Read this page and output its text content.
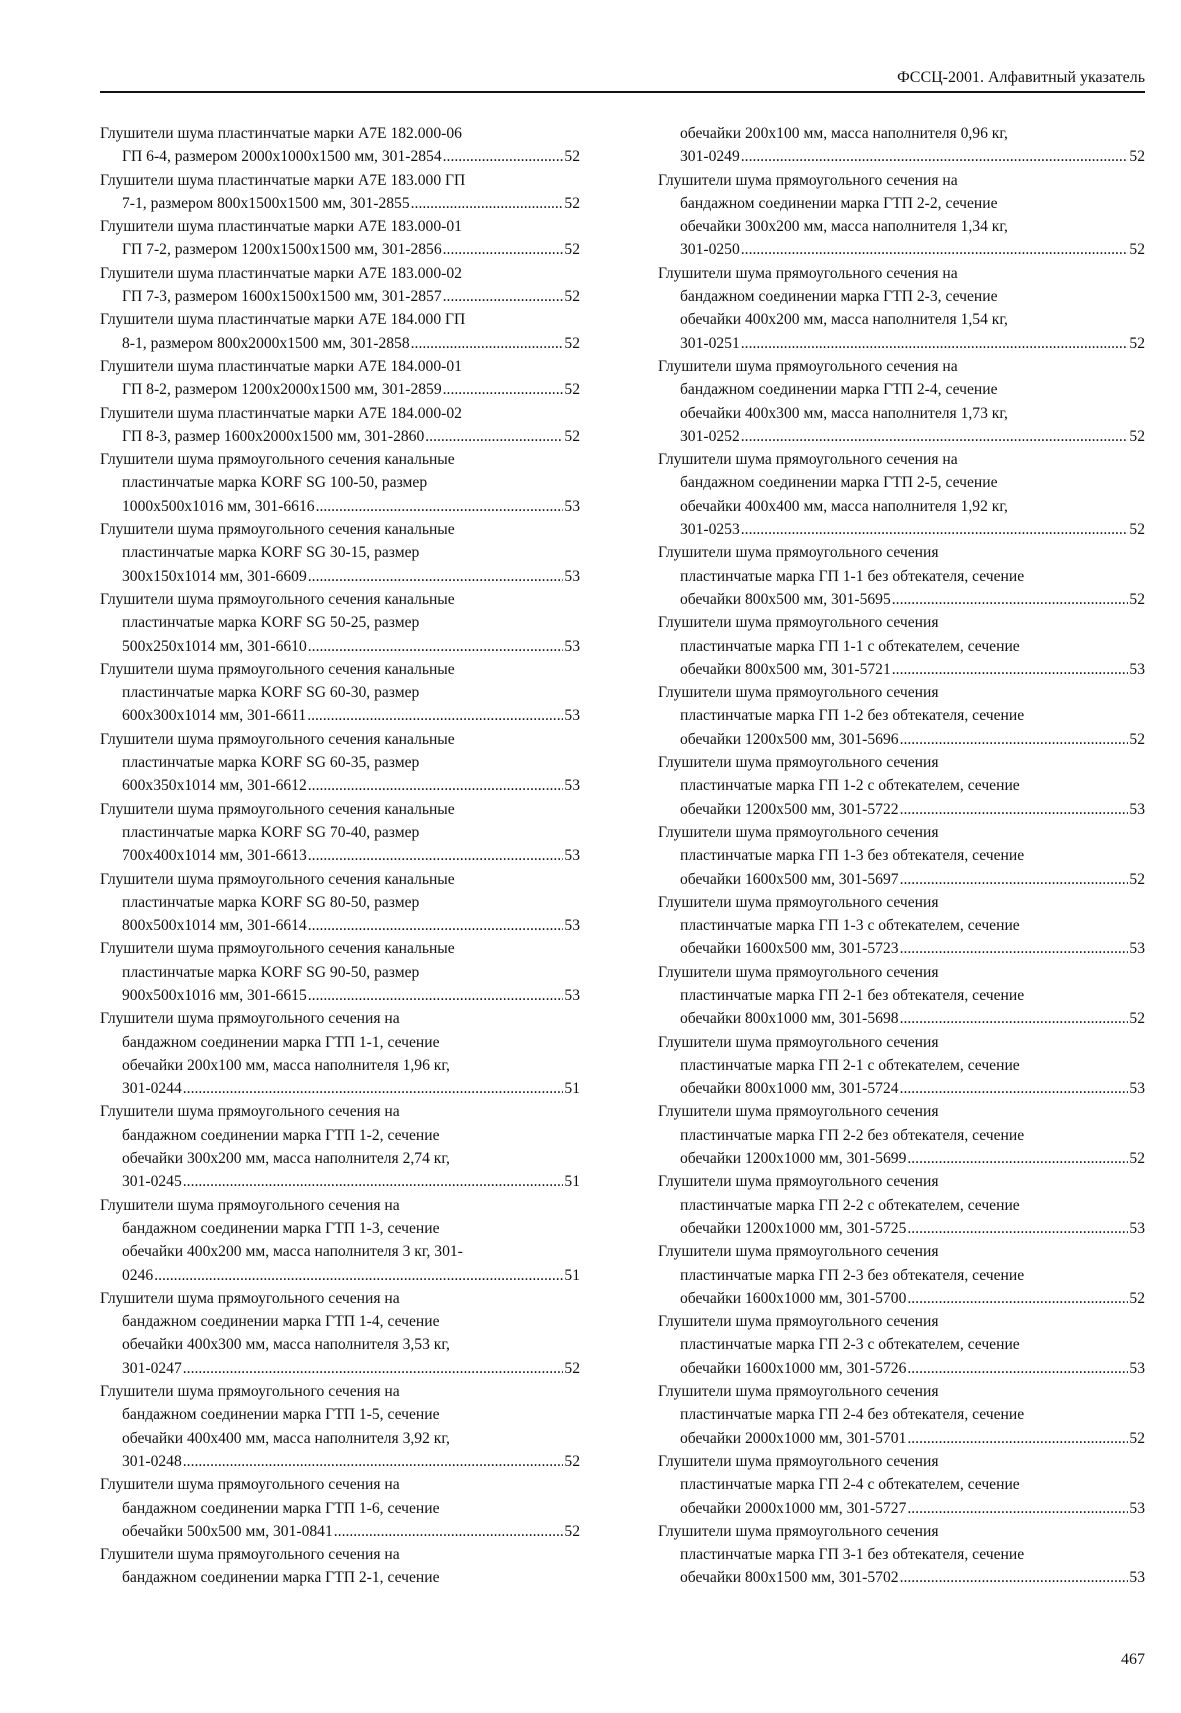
ФССЦ-2001. Алфавитный указатель
Глушители шума пластинчатые марки А7Е 182.000-06
ГП 6-4, размером 2000х1000х1500 мм, 301-2854 .....	52
Глушители шума пластинчатые марки А7Е 183.000 ГП
7-1, размером 800х1500х1500 мм, 301-2855 .....	52
Глушители шума пластинчатые марки А7Е 183.000-01
ГП 7-2, размером 1200х1500х1500 мм, 301-2856 .....	52
Глушители шума пластинчатые марки А7Е 183.000-02
ГП 7-3, размером 1600х1500х1500 мм, 301-2857 .....	52
Глушители шума пластинчатые марки А7Е 184.000 ГП
8-1, размером 800х2000х1500 мм, 301-2858 .....	52
Глушители шума пластинчатые марки А7Е 184.000-01
ГП 8-2, размером 1200х2000х1500 мм, 301-2859 .....	52
Глушители шума пластинчатые марки А7Е 184.000-02
ГП 8-3, размер 1600х2000х1500 мм, 301-2860 .....	52
Глушители шума прямоугольного сечения канальные
пластинчатые марка KORF SG 100-50, размер
1000х500х1016 мм, 301-6616 .....	53
Глушители шума прямоугольного сечения канальные
пластинчатые марка KORF SG 30-15, размер
300х150х1014 мм, 301-6609 .....	53
Глушители шума прямоугольного сечения канальные
пластинчатые марка KORF SG 50-25, размер
500х250х1014 мм, 301-6610 .....	53
Глушители шума прямоугольного сечения канальные
пластинчатые марка KORF SG 60-30, размер
600х300х1014 мм, 301-6611 .....	53
Глушители шума прямоугольного сечения канальные
пластинчатые марка KORF SG 60-35, размер
600х350х1014 мм, 301-6612 .....	53
Глушители шума прямоугольного сечения канальные
пластинчатые марка KORF SG 70-40, размер
700х400х1014 мм, 301-6613 .....	53
Глушители шума прямоугольного сечения канальные
пластинчатые марка KORF SG 80-50, размер
800х500х1014 мм, 301-6614 .....	53
Глушители шума прямоугольного сечения канальные
пластинчатые марка KORF SG 90-50, размер
900х500х1016 мм, 301-6615 .....	53
Глушители шума прямоугольного сечения на
бандажном соединении марка ГТП 1-1, сечение
обечайки 200х100 мм, масса наполнителя 1,96 кг,
301-0244 .....	51
Глушители шума прямоугольного сечения на
бандажном соединении марка ГТП 1-2, сечение
обечайки 300х200 мм, масса наполнителя 2,74 кг,
301-0245 .....	51
Глушители шума прямоугольного сечения на
бандажном соединении марка ГТП 1-3, сечение
обечайки 400х200 мм, масса наполнителя 3 кг, 301-
0246 .....	51
Глушители шума прямоугольного сечения на
бандажном соединении марка ГТП 1-4, сечение
обечайки 400х300 мм, масса наполнителя 3,53 кг,
301-0247 .....	52
Глушители шума прямоугольного сечения на
бандажном соединении марка ГТП 1-5, сечение
обечайки 400х400 мм, масса наполнителя 3,92 кг,
301-0248 .....	52
Глушители шума прямоугольного сечения на
бандажном соединении марка ГТП 1-6, сечение
обечайки 500х500 мм, 301-0841 .....	52
Глушители шума прямоугольного сечения на
бандажном соединении марка ГТП 2-1, сечение
обечайки 200х100 мм, масса наполнителя 0,96 кг,
301-0249 .....	52
Глушители шума прямоугольного сечения на
бандажном соединении марка ГТП 2-2, сечение
обечайки 300х200 мм, масса наполнителя 1,34 кг,
301-0250 .....	52
Глушители шума прямоугольного сечения на
бандажном соединении марка ГТП 2-3, сечение
обечайки 400х200 мм, масса наполнителя 1,54 кг,
301-0251 .....	52
Глушители шума прямоугольного сечения на
бандажном соединении марка ГТП 2-4, сечение
обечайки 400х300 мм, масса наполнителя 1,73 кг,
301-0252 .....	52
Глушители шума прямоугольного сечения на
бандажном соединении марка ГТП 2-5, сечение
обечайки 400х400 мм, масса наполнителя 1,92 кг,
301-0253 .....	52
Глушители шума прямоугольного сечения
пластинчатые марка ГП 1-1 без обтекателя, сечение
обечайки 800х500 мм, 301-5695 .....	52
Глушители шума прямоугольного сечения
пластинчатые марка ГП 1-1 с обтекателем, сечение
обечайки 800х500 мм, 301-5721 .....	53
Глушители шума прямоугольного сечения
пластинчатые марка ГП 1-2 без обтекателя, сечение
обечайки 1200х500 мм, 301-5696 .....	52
Глушители шума прямоугольного сечения
пластинчатые марка ГП 1-2 с обтекателем, сечение
обечайки 1200х500 мм, 301-5722 .....	53
Глушители шума прямоугольного сечения
пластинчатые марка ГП 1-3 без обтекателя, сечение
обечайки 1600х500 мм, 301-5697 .....	52
Глушители шума прямоугольного сечения
пластинчатые марка ГП 1-3 с обтекателем, сечение
обечайки 1600х500 мм, 301-5723 .....	53
Глушители шума прямоугольного сечения
пластинчатые марка ГП 2-1 без обтекателя, сечение
обечайки 800х1000 мм, 301-5698 .....	52
Глушители шума прямоугольного сечения
пластинчатые марка ГП 2-1 с обтекателем, сечение
обечайки 800х1000 мм, 301-5724 .....	53
Глушители шума прямоугольного сечения
пластинчатые марка ГП 2-2 без обтекателя, сечение
обечайки 1200х1000 мм, 301-5699 .....	52
Глушители шума прямоугольного сечения
пластинчатые марка ГП 2-2 с обтекателем, сечение
обечайки 1200х1000 мм, 301-5725 .....	53
Глушители шума прямоугольного сечения
пластинчатые марка ГП 2-3 без обтекателя, сечение
обечайки 1600х1000 мм, 301-5700 .....	52
Глушители шума прямоугольного сечения
пластинчатые марка ГП 2-3 с обтекателем, сечение
обечайки 1600х1000 мм, 301-5726 .....	53
Глушители шума прямоугольного сечения
пластинчатые марка ГП 2-4 без обтекателя, сечение
обечайки 2000х1000 мм, 301-5701 .....	52
Глушители шума прямоугольного сечения
пластинчатые марка ГП 2-4 с обтекателем, сечение
обечайки 2000х1000 мм, 301-5727 .....	53
Глушители шума прямоугольного сечения
пластинчатые марка ГП 3-1 без обтекателя, сечение
обечайки 800х1500 мм, 301-5702 .....	53
467
